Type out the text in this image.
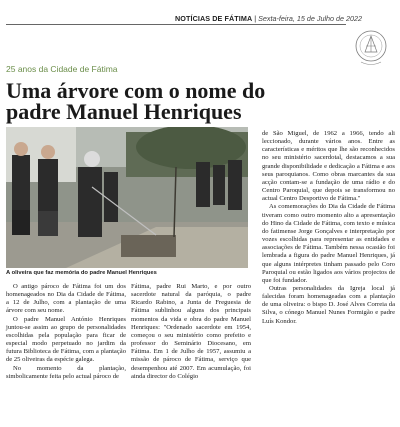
NOTÍCIAS DE FÁTIMA | Sexta-feira, 15 de Julho de 2022
25 anos da Cidade de Fátima
Uma árvore com o nome do padre Manuel Henriques
A oliveira que faz memória do padre Manuel Henriques

O antigo pároco de Fátima foi um dos homenageados no Dia da Cidade de Fátima, a 12 de Julho, com a plantação de uma árvore com seu nome.

O padre Manuel António Henriques juntou-se assim ao grupo de personalidades escolhidas pela população para ficar de especial modo perpetuado no jardim da futura Biblioteca de Fátima, com a plantação de 25 oliveiras da espécie galega.

No momento da plantação, simbolicamente feita pelo actual pároco de

Fátima, padre Rui Marto, e por outro sacerdote natural da paróquia, o padre Ricardo Rabino, a Junta de Freguesia de Fátima sublinhou alguns dos principais momentos da vida e obra do padre Manuel Henriques: "Ordenado sacerdote em 1954, começou o seu ministério como prefeito e professor do Seminário Diocesano, em Fátima. Em 1 de Julho de 1957, assumiu a missão de pároco de Fátima, serviço que desempenhou até 2007. Em acumulação, foi ainda director do Colégio

de São Miguel, de 1962 a 1966, tendo ali leccionado, durante vários anos. Entre as características e méritos que lhe são reconhecidos no seu ministério sacerdotal, destacamos a sua grande disponibilidade e dedicação a Fátima e aos seus paroquianos. Como obras marcantes da sua acção contam-se a fundação de uma rádio e do Centro Paroquial, que depois se transformou no actual Centro Desportivo de Fátima."

As comemorações do Dia da Cidade de Fátima tiveram como outro momento alto a apresentação do Hino da Cidade de Fátima, com texto e música do fatimense Jorge Gonçalves e interpretação por vozes escolhidas para representar as entidades e associações de Fátima. Também nessa ocasião foi lembrada a figura do padre Manuel Henriques, já que alguns intérpretes tinham passado pelo Coro Paroquial ou estão ligados aos vários projectos de que foi fundador.

Outras personalidades da Igreja local já falecidas foram homenageadas com a plantação de uma oliveira: o bispo D. José Alves Correia da Silva, o cónego Manuel Nunes Formigão e padre Luís Kondor.
